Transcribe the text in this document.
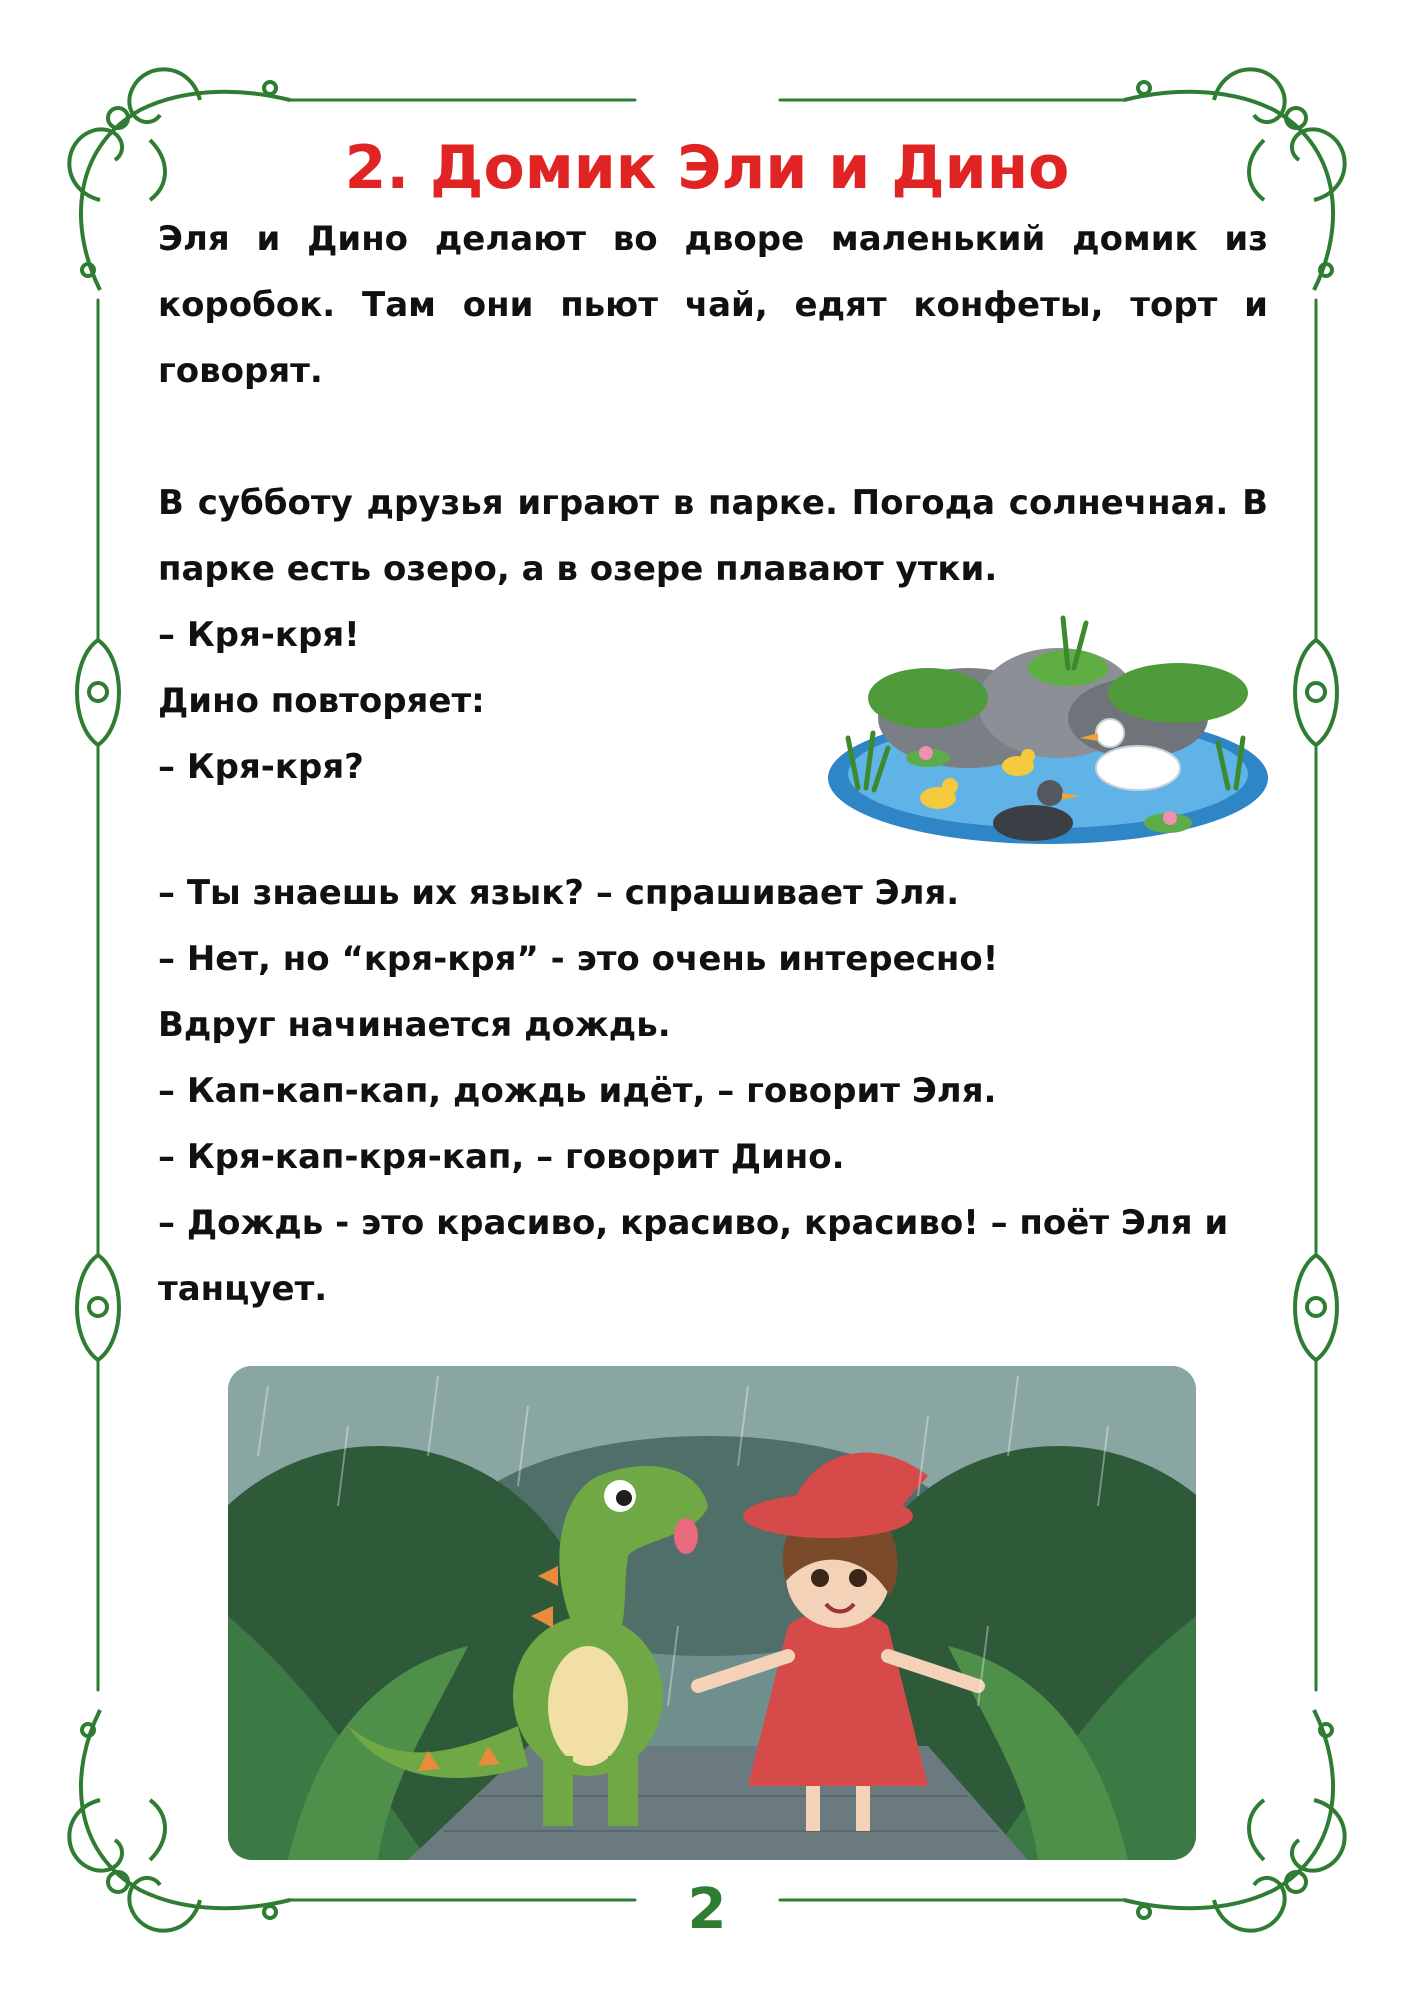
2. Домик Эли и Дино

Эля и Дино делают во дворе маленький домик из коробок. Там они пьют чай, едят конфеты, торт и говорят.

В субботу друзья играют в парке. Погода солнечная. В парке есть озеро, а в озере плавают утки.

– Кря-кря!

Дино повторяет:

– Кря-кря?

– Ты знаешь их язык? – спрашивает Эля.

– Нет, но “кря-кря” - это очень интересно!

Вдруг начинается дождь.

– Кап-кап-кап, дождь идёт, – говорит Эля.

– Кря-кап-кря-кап, – говорит Дино.

– Дождь - это красиво, красиво, красиво! – поёт Эля и танцует.

2
